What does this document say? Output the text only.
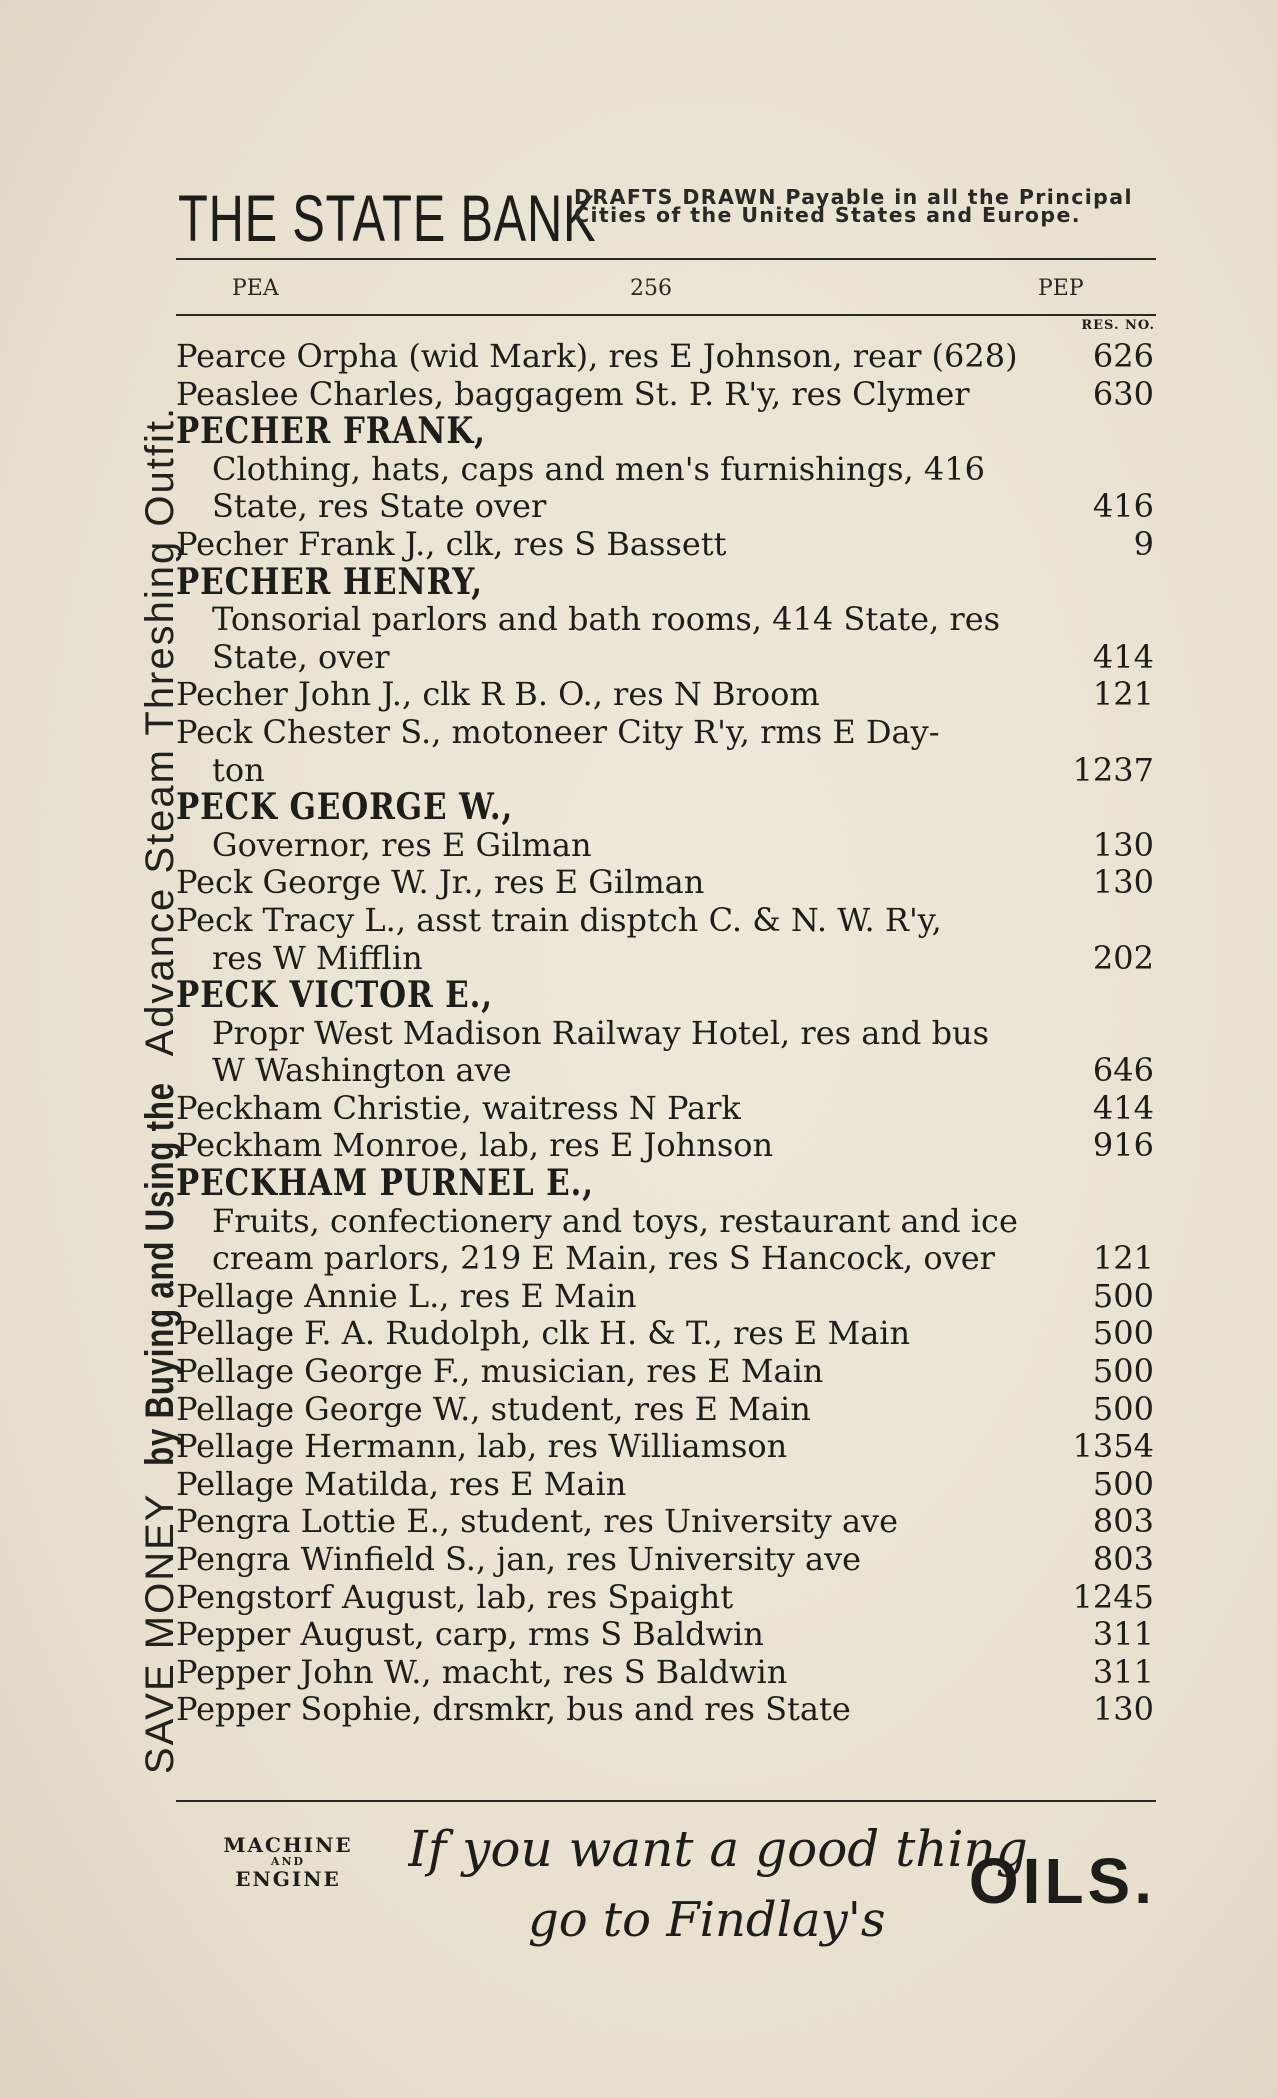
SAVE MONEY by Buying and Using the Advance Steam Threshing Outfit.
THE STATE BANK
DRAFTS DRAWN Payable in all the Principal Cities of the United States and Europe.
PEA	256	PEP
RES. NO.
Pearce Orpha (wid Mark), res E Johnson, rear (628) 626
Peaslee Charles, baggagem St. P. R'y, res Clymer	630
PECHER FRANK,
Clothing, hats, caps and men's furnishings, 416
State, res State over	416
Pecher Frank J., clk, res S Bassett	9
PECHER HENRY,
Tonsorial parlors and bath rooms, 414 State, res
State, over	414
Pecher John J., clk R B. O., res N Broom	121
Peck Chester S., motoneer City R'y, rms E Day-
ton	1237
PECK GEORGE W.,
Governor, res E Gilman	130
Peck George W. Jr., res E Gilman	130
Peck Tracy L., asst train disptch C. & N. W. R'y,
res W Mifflin	202
PECK VICTOR E.,
Propr West Madison Railway Hotel, res and bus
W Washington ave	646
Peckham Christie, waitress N Park	414
Peckham Monroe, lab, res E Johnson	916
PECKHAM PURNEL E.,
Fruits, confectionery and toys, restaurant and ice
cream parlors, 219 E Main, res S Hancock, over	121
Pellage Annie L., res E Main	500
Pellage F. A. Rudolph, clk H. & T., res E Main	500
Pellage George F., musician, res E Main	500
Pellage George W., student, res E Main	500
Pellage Hermann, lab, res Williamson	1354
Pellage Matilda, res E Main	500
Pengra Lottie E., student, res University ave	803
Pengra Winfield S., jan, res University ave	803
Pengstorf August, lab, res Spaight	1245
Pepper August, carp, rms S Baldwin	311
Pepper John W., macht, res S Baldwin	311
Pepper Sophie, drsmkr, bus and res State	130
MACHINE
AND
ENGINE
If you want a good thing
go to Findlay's
OILS.
